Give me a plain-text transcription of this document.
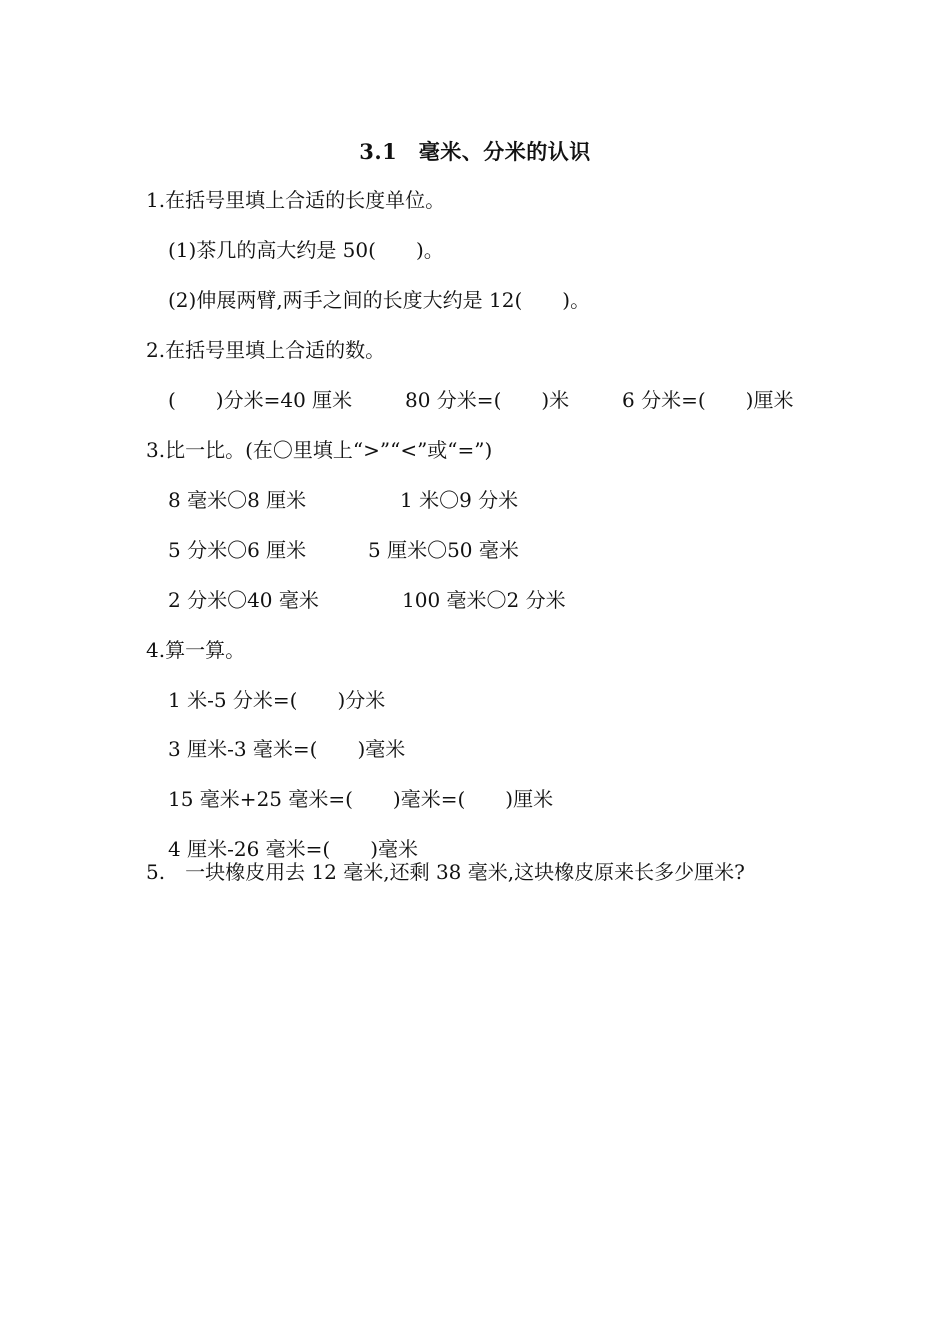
3.1　毫米、分米的认识
1.在括号里填上合适的长度单位。
(1)茶几的高大约是 50(　　)。
(2)伸展两臂,两手之间的长度大约是 12(　　)。
2.在括号里填上合适的数。
(　　)分米=40 厘米	80 分米=(　　)米	6 分米=(　　)厘米
3.比一比。(在〇里填上“>”“<”或“=”)
8 毫米〇8 厘米	1 米〇9 分米
5 分米〇6 厘米	5 厘米〇50 毫米
2 分米〇40 毫米	100 毫米〇2 分米
4.算一算。
1 米-5 分米=(　　)分米
3 厘米-3 毫米=(　　)毫米
15 毫米+25 毫米=(　　)毫米=(　　)厘米
4 厘米-26 毫米=(　　)毫米
5.　一块橡皮用去 12 毫米,还剩 38 毫米,这块橡皮原来长多少厘米?
